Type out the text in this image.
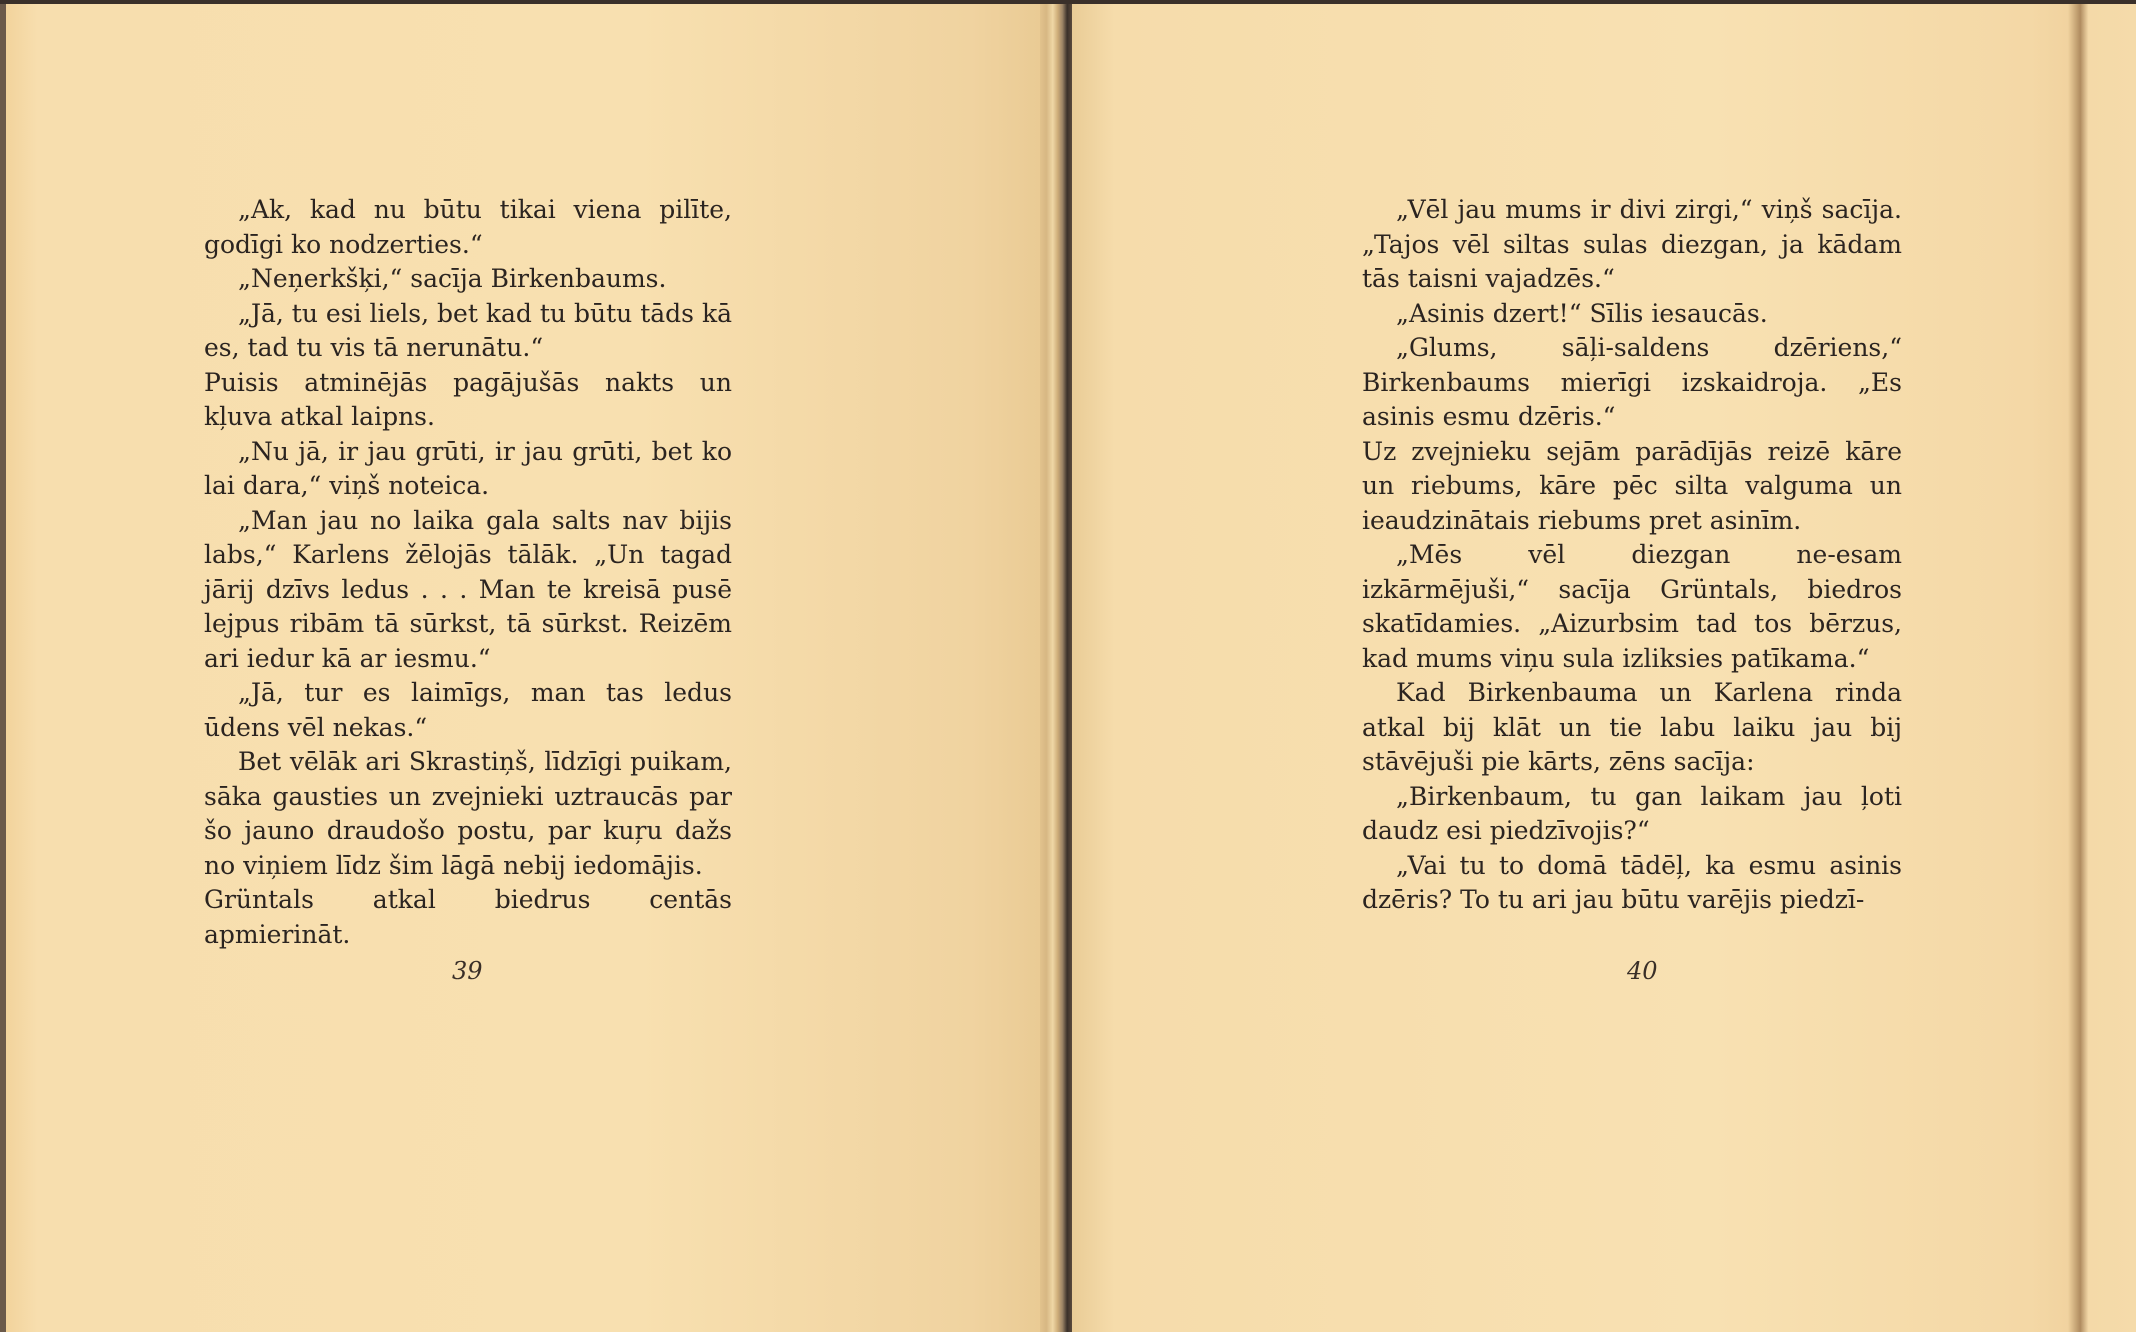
„Ak, kad nu būtu tikai viena pilīte, godīgi ko nodzerties.“

„Neņerkšķi,“ sacīja Birkenbaums.

„Jā, tu esi liels, bet kad tu būtu tāds kā es, tad tu vis tā nerunātu.“

Puisis atminējās pagājušās nakts un kļuva atkal laipns.

„Nu jā, ir jau grūti, ir jau grūti, bet ko lai dara,“ viņš noteica.

„Man jau no laika gala salts nav bijis labs,“ Karlens žēlojās tālāk. „Un tagad jārij dzīvs ledus . . . Man te kreisā pusē lejpus ribām tā sūrkst, tā sūrkst. Reizēm ari iedur kā ar iesmu.“

„Jā, tur es laimīgs, man tas ledus ūdens vēl nekas.“

Bet vēlāk ari Skrastiņš, līdzīgi puikam, sāka gausties un zvejnieki uztraucās par šo jauno draudošo postu, par kuŗu dažs no viņiem līdz šim lāgā nebij iedomājis.

Grüntals atkal biedrus centās apmierināt.

39

„Vēl jau mums ir divi zirgi,“ viņš sacīja. „Tajos vēl siltas sulas diezgan, ja kādam tās taisni vajadzēs.“

„Asinis dzert!“ Sīlis iesaucās.

„Glums, sāļi-saldens dzēriens,“ Birkenbaums mierīgi izskaidroja. „Es asinis esmu dzēris.“

Uz zvejnieku sejām parādījās reizē kāre un riebums, kāre pēc silta valguma un ieaudzinātais riebums pret asinīm.

„Mēs vēl diezgan ne-esam izkārmējuši,“ sacīja Grüntals, biedros skatīdamies. „Aizurbsim tad tos bērzus, kad mums viņu sula izliksies patīkama.“

Kad Birkenbauma un Karlena rinda atkal bij klāt un tie labu laiku jau bij stāvējuši pie kārts, zēns sacīja:

„Birkenbaum, tu gan laikam jau ļoti daudz esi piedzīvojis?“

„Vai tu to domā tādēļ, ka esmu asinis dzēris? To tu ari jau būtu varējis piedzī-

40
